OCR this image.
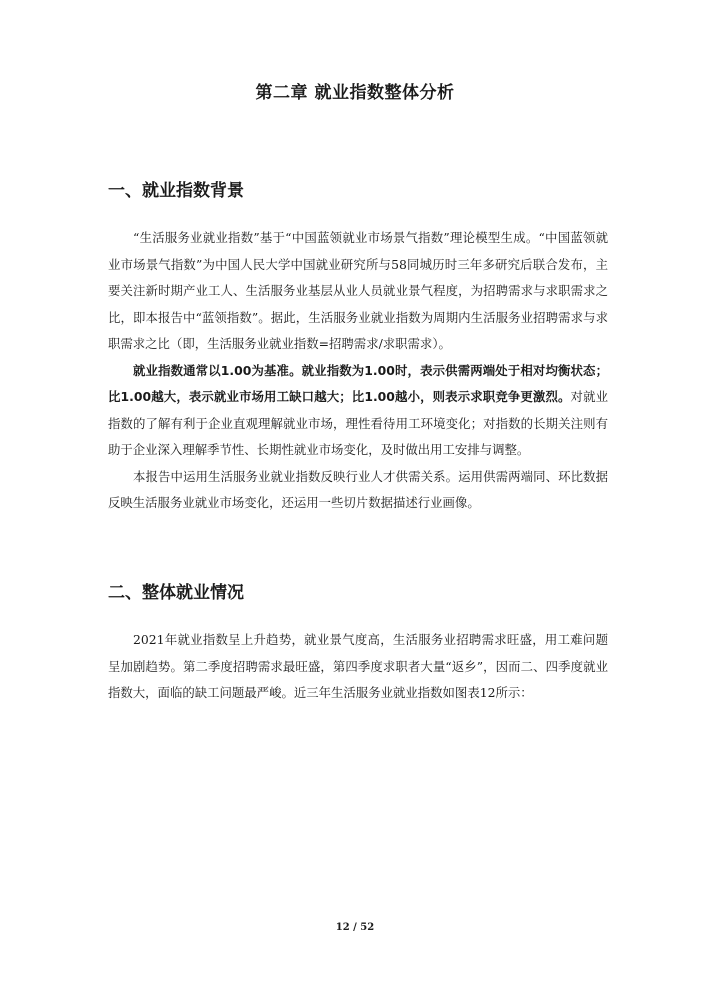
第二章 就业指数整体分析
一、就业指数背景

“生活服务业就业指数”基于“中国蓝领就业市场景气指数”理论模型生成。“中国蓝领就业市场景气指数”为中国人民大学中国就业研究所与58同城历时三年多研究后联合发布，主要关注新时期产业工人、生活服务业基层从业人员就业景气程度，为招聘需求与求职需求之比，即本报告中“蓝领指数”。据此，生活服务业就业指数为周期内生活服务业招聘需求与求职需求之比（即，生活服务业就业指数=招聘需求/求职需求）。

就业指数通常以1.00为基准。就业指数为1.00时，表示供需两端处于相对均衡状态；比1.00越大，表示就业市场用工缺口越大；比1.00越小，则表示求职竞争更激烈。对就业指数的了解有利于企业直观理解就业市场，理性看待用工环境变化；对指数的长期关注则有助于企业深入理解季节性、长期性就业市场变化，及时做出用工安排与调整。

本报告中运用生活服务业就业指数反映行业人才供需关系。运用供需两端同、环比数据反映生活服务业就业市场变化，还运用一些切片数据描述行业画像。

二、整体就业情况

2021年就业指数呈上升趋势，就业景气度高，生活服务业招聘需求旺盛，用工难问题呈加剧趋势。第二季度招聘需求最旺盛，第四季度求职者大量“返乡”，因而二、四季度就业指数大，面临的缺工问题最严峻。近三年生活服务业就业指数如图表12所示：

12 / 52
